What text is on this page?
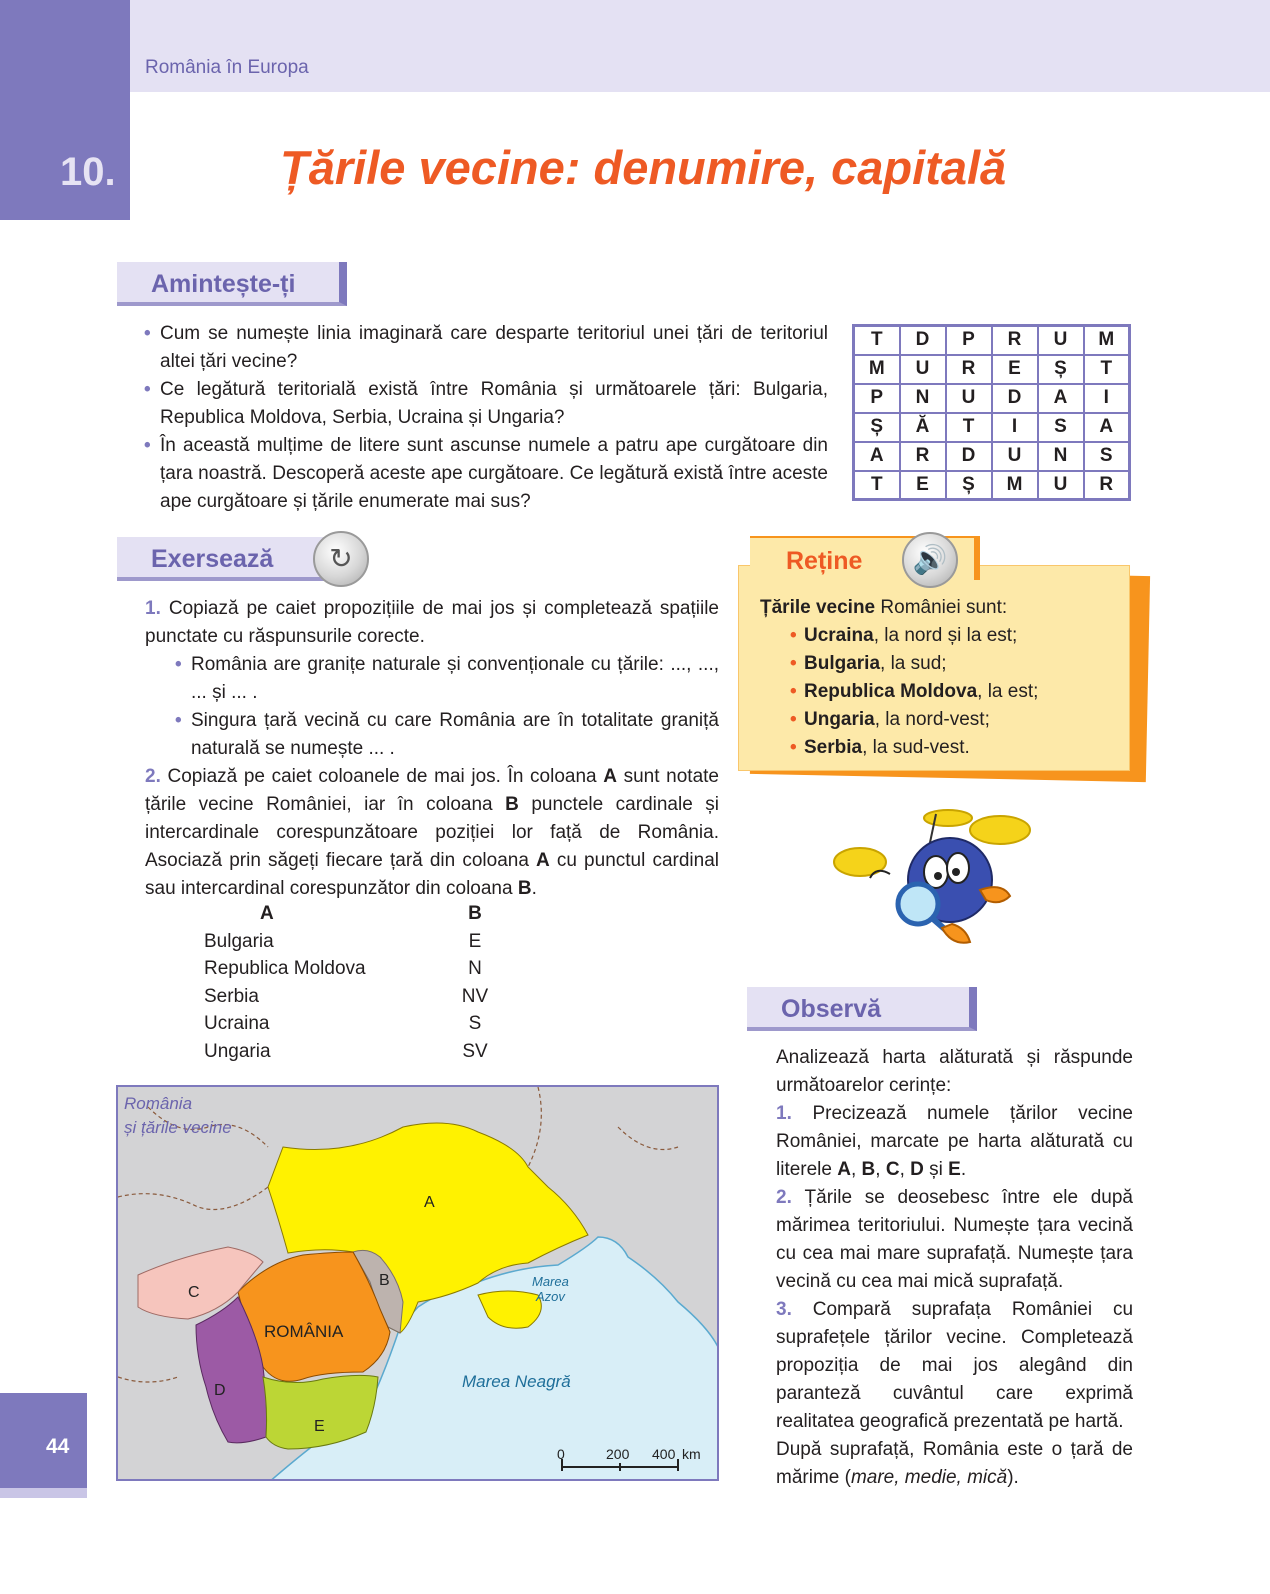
România în Europa
10.	Țările vecine: denumire, capitală
Amintește-ți
• Cum se numește linia imaginară care desparte teritoriul unei țări de teritoriul altei țări vecine?
• Ce legătură teritorială există între România și următoarele țări: Bulgaria, Republica Moldova, Serbia, Ucraina și Ungaria?
• În această mulțime de litere sunt ascunse numele a patru ape curgătoare din țara noastră. Descoperă aceste ape curgătoare. Ce legătură există între aceste ape curgătoare și țările enumerate mai sus?
T	D	P	R	U	M
M	U	R	E	Ș	T
P	N	U	D	A	I
Ș	Ă	T	I	S	A
A	R	D	U	N	S
T	E	Ș	M	U	R
Exersează	↻

1. Copiază pe caiet propozițiile de mai jos și completează spațiile punctate cu răspunsurile corecte.

• România are granițe naturale și convenționale cu țările: ..., ..., ... și ... .

• Singura țară vecină cu care România are în totalitate graniță naturală se numește ... .

2. Copiază pe caiet coloanele de mai jos. În coloana A sunt notate țările vecine României, iar în coloana B punctele cardinale și intercardinale corespunzătoare poziției lor față de România. Asociază prin săgeți fiecare țară din coloana A cu punctul cardinal sau intercardinal corespunzător din coloana B.

A	B
Bulgaria	E
Republica Moldova	N
Serbia	NV
Ucraina	S
Ungaria	SV
Reține	🔊
Țările vecine României sunt:
• Ucraina, la nord și la est;
• Bulgaria, la sud;
• Republica Moldova, la est;
• Ungaria, la nord-vest;
• Serbia, la sud-vest.
Observă

Analizează harta alăturată și răspunde următoarelor cerințe:

1. Precizează numele țărilor vecine României, marcate pe harta alăturată cu literele A, B, C, D și E.

2. Țările se deosebesc între ele după mărimea teritoriului. Numește țara vecină cu cea mai mare suprafață. Numește țara vecină cu cea mai mică suprafață.

3. Compară suprafața României cu suprafețele țărilor vecine. Completează propoziția de mai jos alegând din paranteză cuvântul care exprimă realitatea geografică prezentată pe hartă.

După suprafață, România este o țară de mărime (mare, medie, mică).

România
și țările vecine
A
B
C
D
E
ROMÂNIA
Marea Neagră
Marea
Azov
0	200 400 km
44
